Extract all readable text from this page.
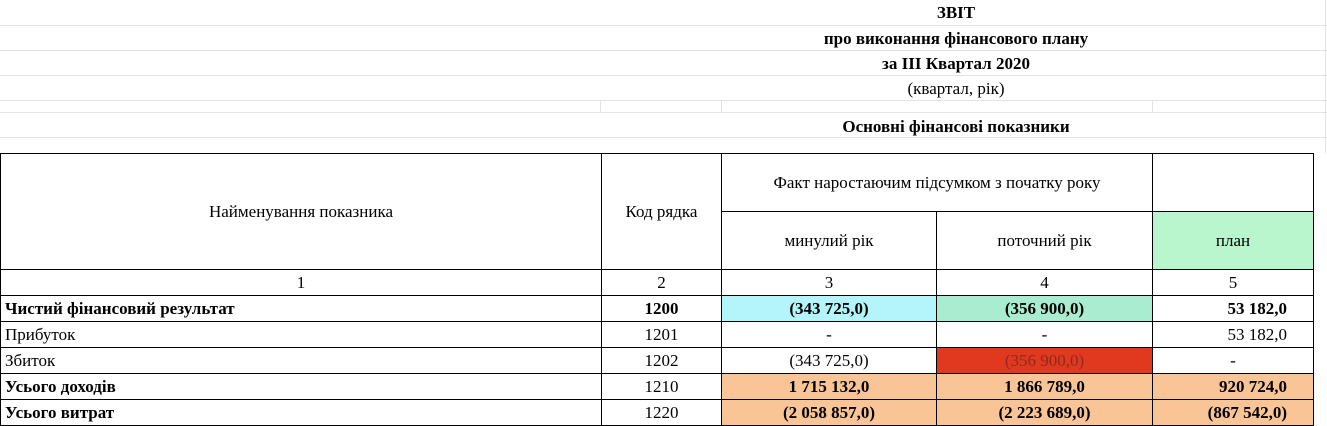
ЗВІТ
про виконання фінансового плану
за ІІІ Квартал 2020
(квартал, рік)
Основні фінансові показники
Найменування показника	Код рядка	Факт наростаючим підсумком з початку року		
		минулий рік	поточний рік	план
1	2	3	4	5
Чистий фінансовий результат	1200	(343 725,0)	(356 900,0)	53 182,0
Прибуток	1201	-	-	53 182,0
Збиток	1202	(343 725,0)	(356 900,0)	-
Усього доходів	1210	1 715 132,0	1 866 789,0	920 724,0
Усього витрат	1220	(2 058 857,0)	(2 223 689,0)	(867 542,0)
